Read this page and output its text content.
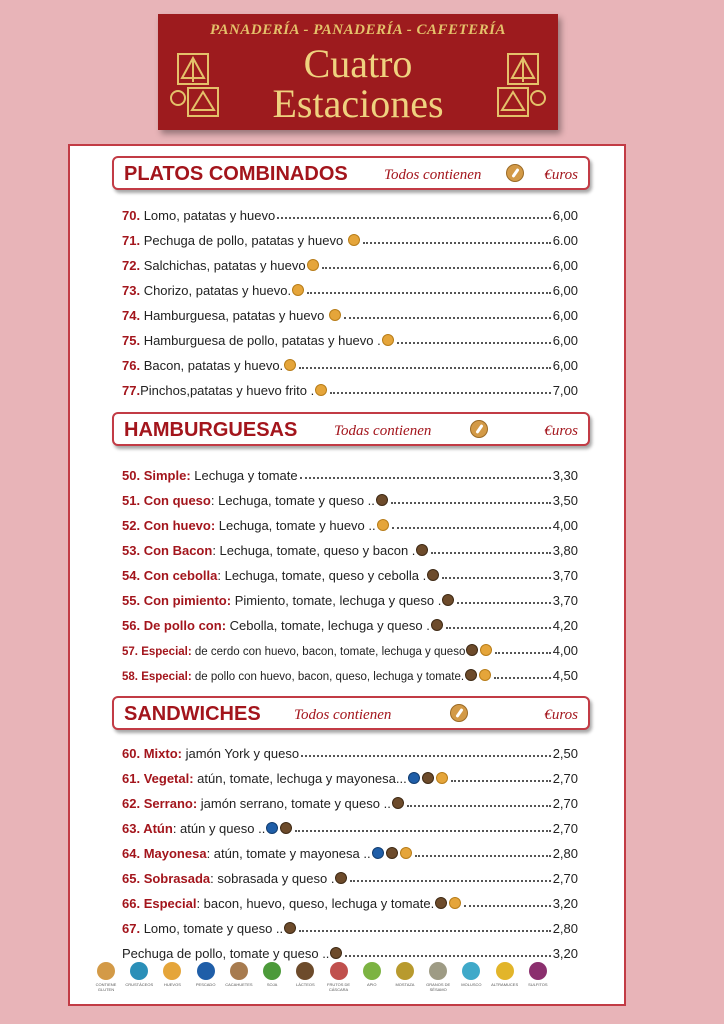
PANADERÍA - PANADERÍA - CAFETERÍA
Cuatro
Estaciones
PLATOS COMBINADOS Todos contienen	€uros
70. Lomo, patatas y huevo	6,00
71. Pechuga de pollo, patatas y huevo	6.00
72. Salchichas, patatas y huevo	6,00
73. Chorizo, patatas y huevo.	6,00
74. Hamburguesa, patatas y huevo	6,00
75. Hamburguesa de pollo, patatas y huevo .	6,00
76. Bacon, patatas y huevo.	6,00
77.Pinchos,patatas y huevo frito .	7,00
HAMBURGUESAS Todas contienen	€uros
50. Simple: Lechuga y tomate	3,30
51. Con queso: Lechuga, tomate y queso ..	3,50
52. Con huevo: Lechuga, tomate y huevo ..	4,00
53. Con Bacon: Lechuga, tomate, queso y bacon .	3,80
54. Con cebolla: Lechuga, tomate, queso y cebolla .	3,70
55. Con pimiento: Pimiento, tomate, lechuga y queso .	3,70
56. De pollo con: Cebolla, tomate, lechuga y queso .	4,20
57. Especial: de cerdo con huevo, bacon, tomate, lechuga y queso	4,00
58. Especial: de pollo con huevo, bacon, queso, lechuga y tomate.	4,50
SANDWICHES Todos contienen	€uros
60. Mixto: jamón York y queso	2,50
61. Vegetal: atún, tomate, lechuga y mayonesa...	2,70
62. Serrano: jamón serrano, tomate y queso ..	2,70
63. Atún: atún y queso ..	2,70
64. Mayonesa: atún, tomate y mayonesa ..	2,80
65. Sobrasada: sobrasada y queso .	2,70
66. Especial: bacon, huevo, queso, lechuga y tomate.	3,20
67. Lomo, tomate y queso ..	2,80
Pechuga de pollo, tomate y queso ..	3,20
CONTIENE GLUTEN
CRUSTÁCEOS	HUEVOS	PESCADO	CACAHUETES	SOJA	LÁCTEOS	FRUTOS DE CÁSCARA
APIO	MOSTAZA	GRANOS DE SÉSAMO
MOLUSCO	ALTRAMUCES	SULFITOS
